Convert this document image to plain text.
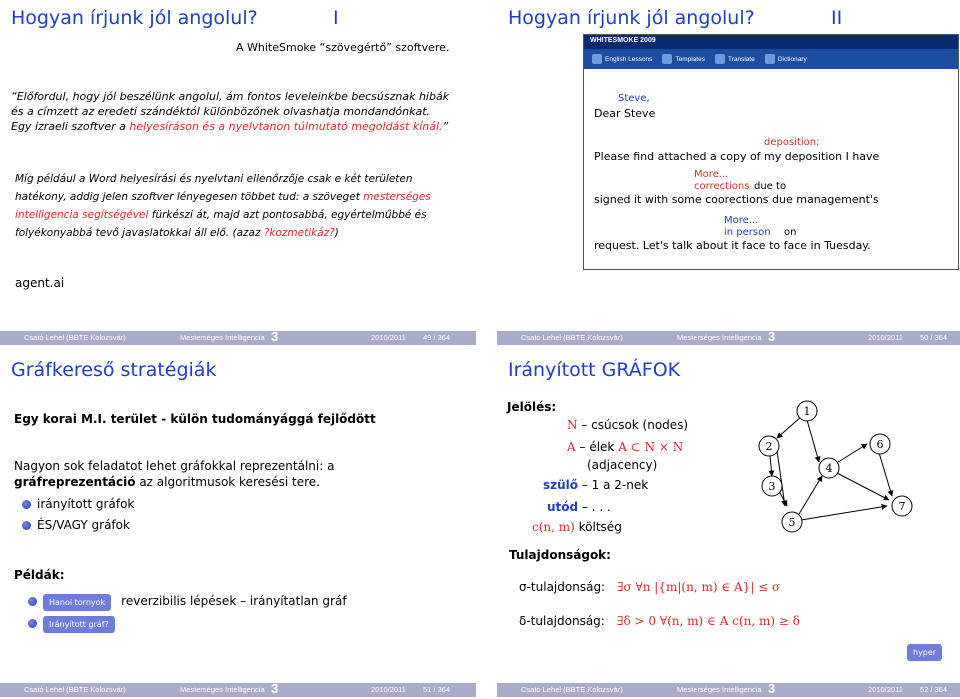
Hogyan írjunk jól angolul?	I
A WhiteSmoke “szövegértő” szoftvere.
“Előfordul, hogy jól beszélünk angolul, ám fontos leveleinkbe becsúsznak hibák és a címzett az eredeti szándéktól különbözőnek olvashatja mondandónkat. Egy izraeli szoftver a helyesíráson és a nyelvtanon túlmutató megoldást kínál.”
Míg például a Word helyesírási és nyelvtani ellenőrzője csak e két területen hatékony, addig jelen szoftver lényegesen többet tud: a szöveget mesterséges intelligencia segítségével fürkészi át, majd azt pontosabbá, egyértelműbbé és folyékonyabbá tevő javaslatokkal áll elő. (azaz ?kozmetikáz?)
agent.ai
Csató Lehel (BBTE Kolozsvár)	Mesterséges Intelligencia 3	2010/2011 49 / 364
Hogyan írjunk jól angolul?	II
WHITESMOKE 2009
English Lessons	Templates	Translate	Dictionary
Steve,
Dear Steve
deposition;
Please find attached a copy of my deposition I have
More...
corrections due to
signed it with some coorections due management's
More...
in person on
request. Let's talk about it face to face in Tuesday.
Csató Lehel (BBTE Kolozsvár)	Mesterséges Intelligencia 3	2010/2011 50 / 364
Gráfkereső stratégiák
Egy korai M.I. terület - külön tudományággá fejlődött
Nagyon sok feladatot lehet gráfokkal reprezentálni: a gráfreprezentáció az algoritmusok keresési tere.
irányított gráfok
ÉS/VAGY gráfok
Példák:
Hanoi tornyok reverzibilis lépések – irányítatlan gráf
Irányított gráf?
Csató Lehel (BBTE Kolozsvár)	Mesterséges Intelligencia 3	2010/2011 51 / 364
Irányított GRÁFOK
Jelölés:
N – csúcsok (nodes)
A – élek A ⊂ N × N
(adjacency)
szülő – 1 a 2-nek
utód – . . .
c(n, m) költség
1
2
3
4
5
6
7
Tulajdonságok:
σ-tulajdonság: ∃σ ∀n |{m|(n, m) ∈ A}| ≤ σ
δ-tulajdonság: ∃δ > 0 ∀(n, m) ∈ A c(n, m) ≥ δ
hyper
Csató Lehel (BBTE Kolozsvár)	Mesterséges Intelligencia 3	2010/2011 52 / 364
